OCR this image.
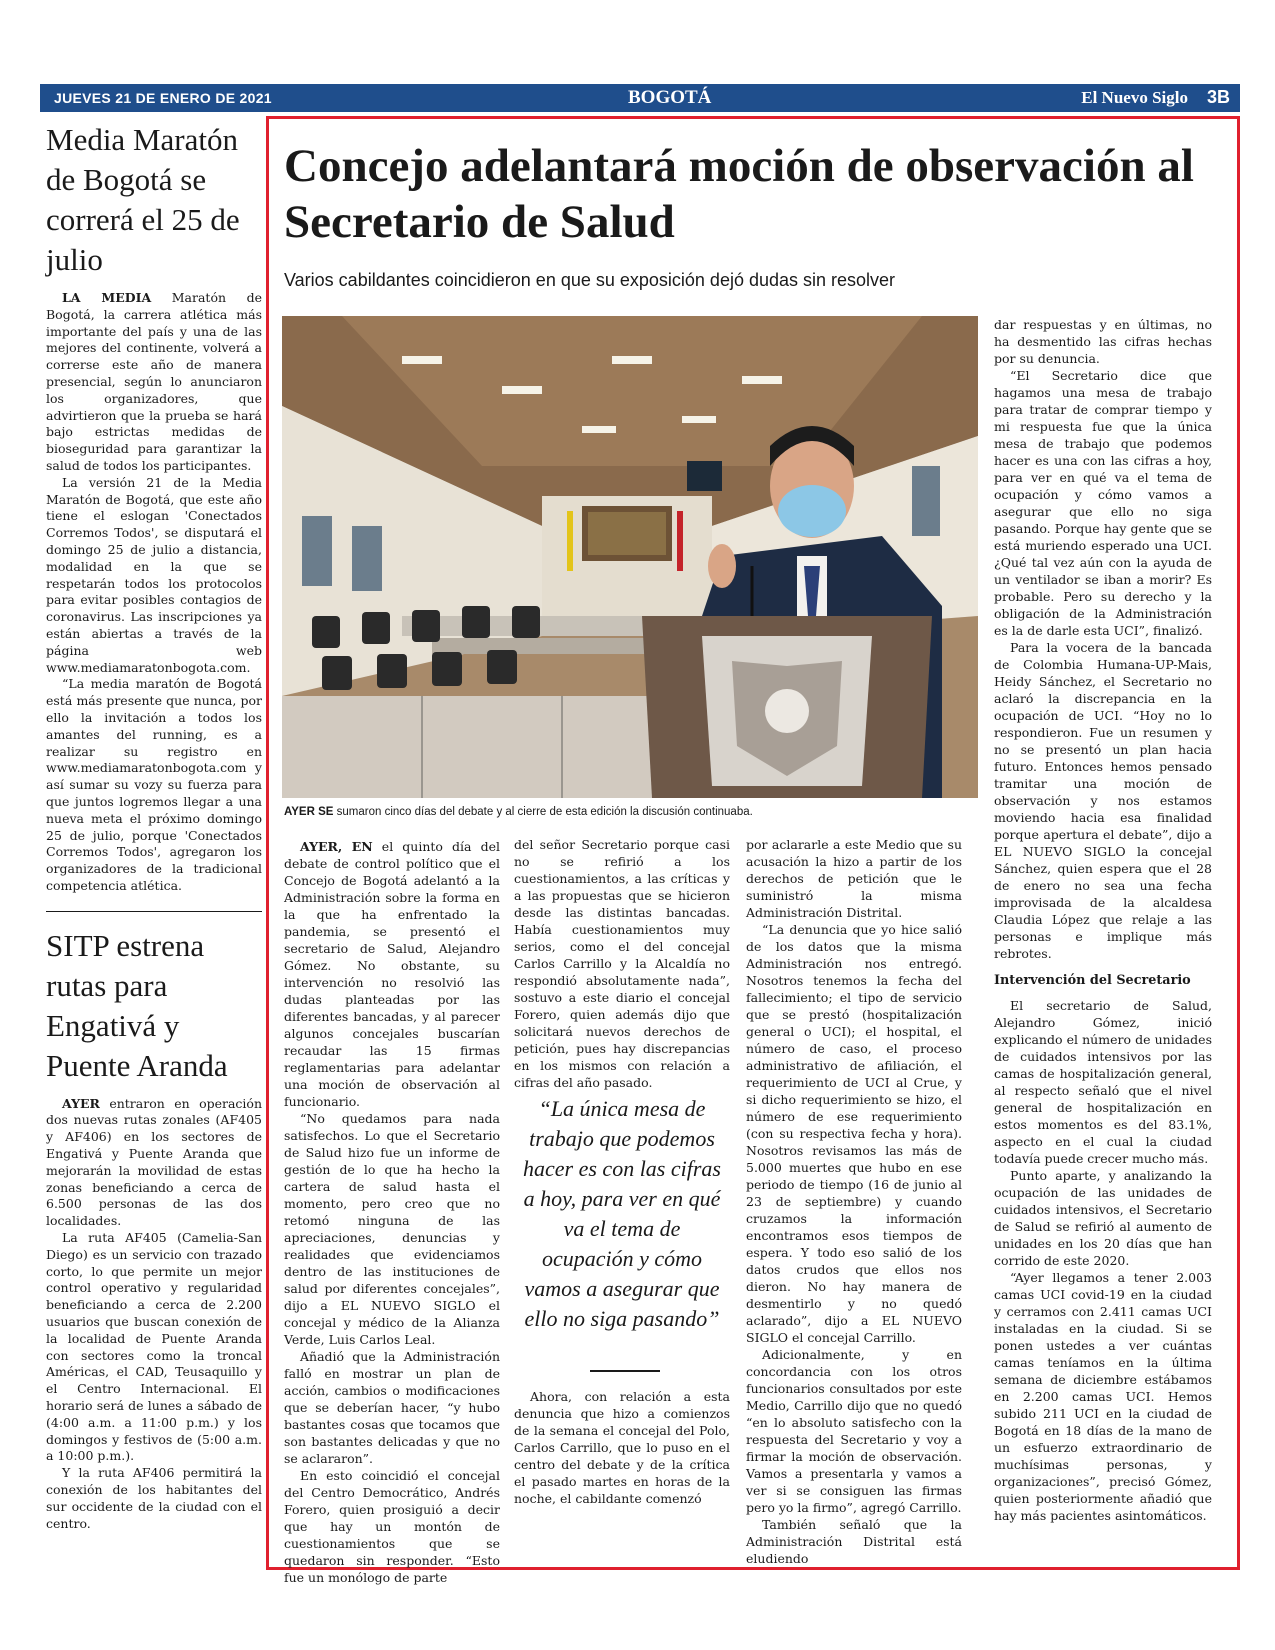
JUEVES 21 DE ENERO DE 2021	BOGOTÁ	El Nuevo Siglo 3B
Media Maratón de Bogotá se correrá el 25 de julio

LA MEDIA Maratón de Bogotá, la carrera atlética más importante del país y una de las mejores del continente, volverá a correrse este año de manera presencial, según lo anunciaron los organizadores, que advirtieron que la prueba se hará bajo estrictas medidas de bioseguridad para garantizar la salud de todos los participantes.

La versión 21 de la Media Maratón de Bogotá, que este año tiene el eslogan 'Conectados Corremos Todos', se disputará el domingo 25 de julio a distancia, modalidad en la que se respetarán todos los protocolos para evitar posibles contagios de coronavirus. Las inscripciones ya están abiertas a través de la página web www.mediamaratonbogota.com.

“La media maratón de Bogotá está más presente que nunca, por ello la invitación a todos los amantes del running, es a realizar su registro en www.mediamaratonbogota.com y así sumar su vozy su fuerza para que juntos logremos llegar a una nueva meta el próximo domingo 25 de julio, porque 'Conectados Corremos Todos', agregaron los organizadores de la tradicional competencia atlética.

SITP estrena rutas para Engativá y Puente Aranda

AYER entraron en operación dos nuevas rutas zonales (AF405 y AF406) en los sectores de Engativá y Puente Aranda que mejorarán la movilidad de estas zonas beneficiando a cerca de 6.500 personas de las dos localidades.

La ruta AF405 (Camelia-San Diego) es un servicio con trazado corto, lo que permite un mejor control operativo y regularidad beneficiando a cerca de 2.200 usuarios que buscan conexión de la localidad de Puente Aranda con sectores como la troncal Américas, el CAD, Teusaquillo y el Centro Internacional. El horario será de lunes a sábado de (4:00 a.m. a 11:00 p.m.) y los domingos y festivos de (5:00 a.m. a 10:00 p.m.).

Y la ruta AF406 permitirá la conexión de los habitantes del sur occidente de la ciudad con el centro.

Concejo adelantará moción de observación al Secretario de Salud
Varios cabildantes coincidieron en que su exposición dejó dudas sin resolver
AYER SE sumaron cinco días del debate y al cierre de esta edición la discusión continuaba.

AYER, EN el quinto día del debate de control político que el Concejo de Bogotá adelantó a la Administración sobre la forma en la que ha enfrentado la pandemia, se presentó el secretario de Salud, Alejandro Gómez. No obstante, su intervención no resolvió las dudas planteadas por las diferentes bancadas, y al parecer algunos concejales buscarían recaudar las 15 firmas reglamentarias para adelantar una moción de observación al funcionario.

“No quedamos para nada satisfechos. Lo que el Secretario de Salud hizo fue un informe de gestión de lo que ha hecho la cartera de salud hasta el momento, pero creo que no retomó ninguna de las apreciaciones, denuncias y realidades que evidenciamos dentro de las instituciones de salud por diferentes concejales”, dijo a EL NUEVO SIGLO el concejal y médico de la Alianza Verde, Luis Carlos Leal.

Añadió que la Administración falló en mostrar un plan de acción, cambios o modificaciones que se deberían hacer, “y hubo bastantes cosas que tocamos que son bastantes delicadas y que no se aclararon”.

En esto coincidió el concejal del Centro Democrático, Andrés Forero, quien prosiguió a decir que hay un montón de cuestionamientos que se quedaron sin responder. “Esto fue un monólogo de parte

del señor Secretario porque casi no se refirió a los cuestionamientos, a las críticas y a las propuestas que se hicieron desde las distintas bancadas. Había cuestionamientos muy serios, como el del concejal Carlos Carrillo y la Alcaldía no respondió absolutamente nada”, sostuvo a este diario el concejal Forero, quien además dijo que solicitará nuevos derechos de petición, pues hay discrepancias en los mismos con relación a cifras del año pasado.

“La única mesa de trabajo que podemos hacer es con las cifras a hoy, para ver en qué va el tema de ocupación y cómo vamos a asegurar que ello no siga pasando”

Ahora, con relación a esta denuncia que hizo a comienzos de la semana el concejal del Polo, Carlos Carrillo, que lo puso en el centro del debate y de la crítica el pasado martes en horas de la noche, el cabildante comenzó

por aclararle a este Medio que su acusación la hizo a partir de los derechos de petición que le suministró la misma Administración Distrital.

“La denuncia que yo hice salió de los datos que la misma Administración nos entregó. Nosotros tenemos la fecha del fallecimiento; el tipo de servicio que se prestó (hospitalización general o UCI); el hospital, el número de caso, el proceso administrativo de afiliación, el requerimiento de UCI al Crue, y si dicho requerimiento se hizo, el número de ese requerimiento (con su respectiva fecha y hora). Nosotros revisamos las más de 5.000 muertes que hubo en ese periodo de tiempo (16 de junio al 23 de septiembre) y cuando cruzamos la información encontramos esos tiempos de espera. Y todo eso salió de los datos crudos que ellos nos dieron. No hay manera de desmentirlo y no quedó aclarado”, dijo a EL NUEVO SIGLO el concejal Carrillo.

Adicionalmente, y en concordancia con los otros funcionarios consultados por este Medio, Carrillo dijo que no quedó “en lo absoluto satisfecho con la respuesta del Secretario y voy a firmar la moción de observación. Vamos a presentarla y vamos a ver si se consiguen las firmas pero yo la firmo”, agregó Carrillo.

También señaló que la Administración Distrital está eludiendo

dar respuestas y en últimas, no ha desmentido las cifras hechas por su denuncia.

“El Secretario dice que hagamos una mesa de trabajo para tratar de comprar tiempo y mi respuesta fue que la única mesa de trabajo que podemos hacer es una con las cifras a hoy, para ver en qué va el tema de ocupación y cómo vamos a asegurar que ello no siga pasando. Porque hay gente que se está muriendo esperado una UCI. ¿Qué tal vez aún con la ayuda de un ventilador se iban a morir? Es probable. Pero su derecho y la obligación de la Administración es la de darle esta UCI”, finalizó.

Para la vocera de la bancada de Colombia Humana-UP-Mais, Heidy Sánchez, el Secretario no aclaró la discrepancia en la ocupación de UCI. “Hoy no lo respondieron. Fue un resumen y no se presentó un plan hacia futuro. Entonces hemos pensado tramitar una moción de observación y nos estamos moviendo hacia esa finalidad porque apertura el debate”, dijo a EL NUEVO SIGLO la concejal Sánchez, quien espera que el 28 de enero no sea una fecha improvisada de la alcaldesa Claudia López que relaje a las personas e implique más rebrotes.

Intervención del Secretario

El secretario de Salud, Alejandro Gómez, inició explicando el número de unidades de cuidados intensivos por las camas de hospitalización general, al respecto señaló que el nivel general de hospitalización en estos momentos es del 83.1%, aspecto en el cual la ciudad todavía puede crecer mucho más.

Punto aparte, y analizando la ocupación de las unidades de cuidados intensivos, el Secretario de Salud se refirió al aumento de unidades en los 20 días que han corrido de este 2020.

“Ayer llegamos a tener 2.003 camas UCI covid-19 en la ciudad y cerramos con 2.411 camas UCI instaladas en la ciudad. Si se ponen ustedes a ver cuántas camas teníamos en la última semana de diciembre estábamos en 2.200 camas UCI. Hemos subido 211 UCI en la ciudad de Bogotá en 18 días de la mano de un esfuerzo extraordinario de muchísimas personas, y organizaciones”, precisó Gómez, quien posteriormente añadió que hay más pacientes asintomáticos.
